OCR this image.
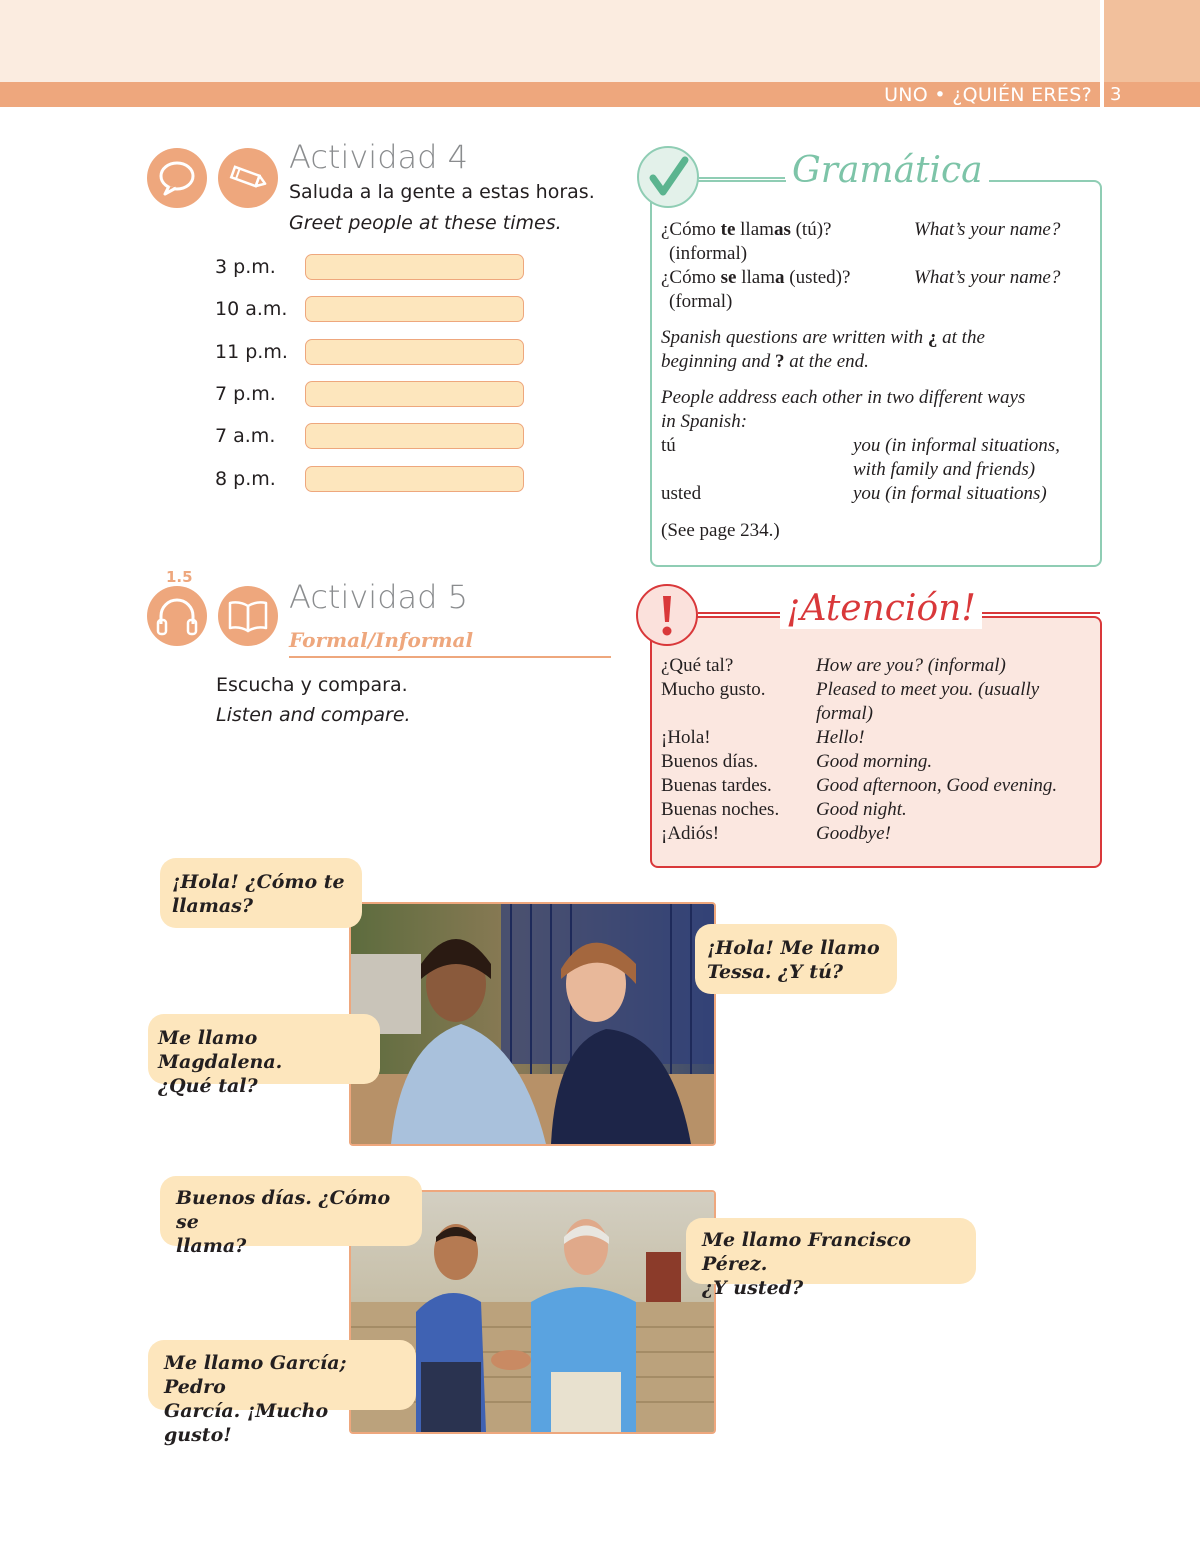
UNO • ¿QUIÉN ERES? 3
Actividad 4
Saluda a la gente a estas horas.
Greet people at these times.
3 p.m.
10 a.m.
11 p.m.
7 p.m.
7 a.m.
8 p.m.
1.5
Actividad 5
Formal/Informal
Escucha y compara.
Listen and compare.
Gramática
¿Cómo te llamas (tú)?
(informal)
What’s your name?
¿Cómo se llama (usted)?
(formal)
What’s your name?
Spanish questions are written with ¿ at the
beginning and ? at the end.
People address each other in two different ways
in Spanish:
tú	you (in informal situations,
with family and friends)
usted	you (in formal situations)
(See page 234.)
¡Atención!
¿Qué tal?	How are you? (informal)
Mucho gusto.	Pleased to meet you. (usually
formal)
¡Hola!	Hello!
Buenos días.	Good morning.
Buenas tardes. Good afternoon, Good evening.
Buenas noches. Good night.
¡Adiós!	Goodbye!
¡Hola! ¿Cómo te
llamas?
¡Hola! Me llamo
Tessa. ¿Y tú?
Me llamo Magdalena.
¿Qué tal?
Buenos días. ¿Cómo se
llama?	Me llamo Francisco Pérez.
¿Y usted?
Me llamo García; Pedro
García. ¡Mucho gusto!
